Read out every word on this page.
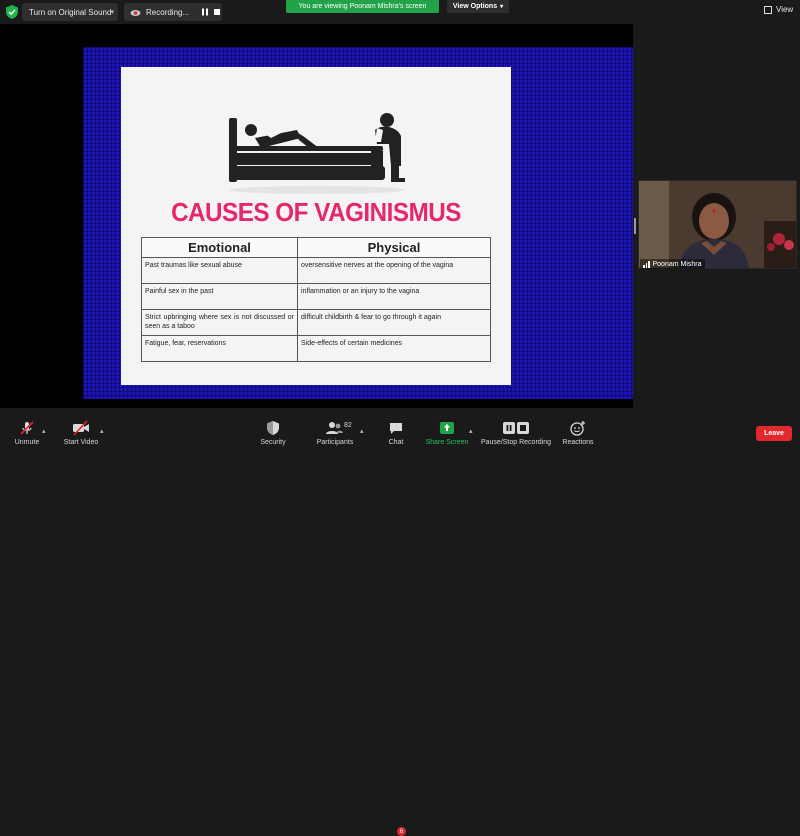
Turn on Original Sound ▾	Recording...
You are viewing Poonam Mishra's screen	View Options ▾	View
CAUSES OF VAGINISMUS
Emotional	Physical
Past traumas like sexual abuse	oversensitive nerves at the opening of the vagina
Painful sex in the past	inflammation or an injury to the vagina
Strict upbringing where sex is not discussed or seen as a taboo	difficult childbirth & fear to go through it again
Fatigue, fear, reservations	Side-effects of certain medicines
Poonam Mishra
Unmute
▴
Start Video
▴
Security	Participants
82
▴
Chat
6
Share Screen
▴
Pause/Stop Recording Reactions
Leave
